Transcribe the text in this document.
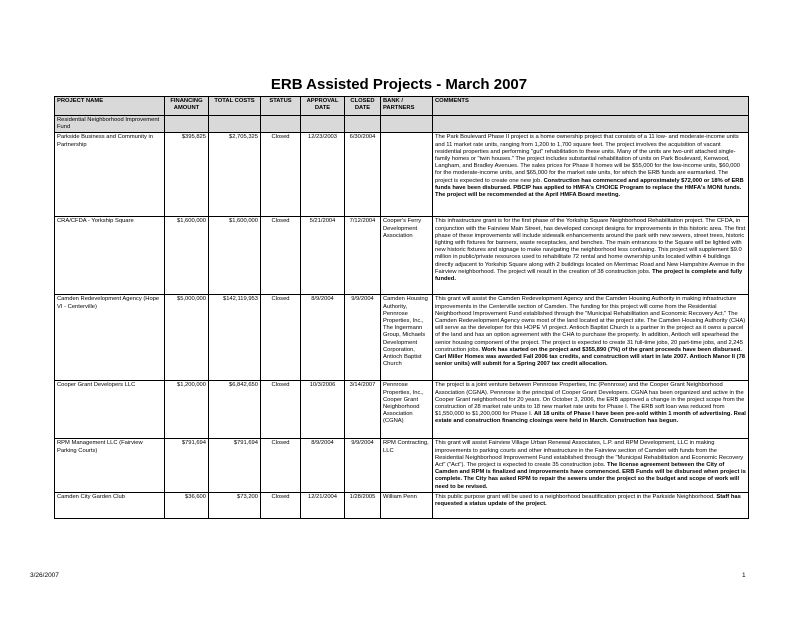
ERB Assisted Projects - March 2007
PROJECT NAME	FINANCING AMOUNT	TOTAL COSTS	STATUS	APPROVAL DATE	CLOSED DATE	BANK / PARTNERS	COMMENTS
Residential Neighborhood Improvement Fund							
Parkside Business and Community in Partnership	$395,825	$2,705,325	Closed	12/23/2003	6/30/2004		The Park Boulevard Phase II project is a home ownership project that consists of a 11 low- and moderate-income units and 11 market rate units, ranging from 1,200 to 1,700 square feet. The project involves the acquisition of vacant residential properties and performing "gut" rehabilitation to these units. Many of the units are two-unit attached single-family homes or "twin houses." The project includes substantial rehabilitation of units on Park Boulevard, Kenwood, Langham, and Bradley Avenues. The sales prices for Phase II homes will be $55,000 for the low-income units, $60,000 for the moderate-income units, and $65,000 for the market rate units, for which the ERB funds are earmarked. The project is expected to create one new job. Construction has commenced and approximately $72,000 or 18% of ERB funds have been disbursed. PBCIP has applied to HMFA's CHOICE Program to replace the HMFA's MONI funds. The project will be recommended at the April HMFA Board meeting.
CRA/CFDA - Yorkship Square	$1,600,000	$1,600,000	Closed	5/21/2004	7/12/2004	Cooper's Ferry Development Association	This infrastructure grant is for the first phase of the Yorkship Square Neighborhood Rehabilitation project. The CFDA, in conjunction with the Fairview Main Street, has developed concept designs for improvements in this historic area. The first phase of these improvements will include sidewalk enhancements around the park with new sewers, street trees, historic lighting with fixtures for banners, waste receptacles, and benches. The main entrances to the Square will be lighted with new historic fixtures and signage to make navigating the neighborhood less confusing. This project will supplement $9.0 million in public/private resources used to rehabilitate 72 rental and home ownership units located within 4 buildings directly adjacent to Yorkship Square along with 2 buildings located on Merrimac Road and New Hampshire Avenue in the Fairview neighborhood. The project will result in the creation of 38 construction jobs. The project is complete and fully funded.
Camden Redevelopment Agency (Hope VI - Centerville)	$5,000,000	$142,119,953	Closed	8/9/2004	9/9/2004	Camden Housing Authority, Pennrose Properties, Inc., The Ingermann Group, Michaels Development Corporation, Antioch Baptist Church	This grant will assist the Camden Redevelopment Agency and the Camden Housing Authority in making infrastructure improvements in the Centerville section of Camden. The funding for this project will come from the Residential Neighborhood Improvement Fund established through the "Municipal Rehabilitation and Economic Recovery Act." The Camden Redevelopment Agency owns most of the land located at the project site. The Camden Housing Authority (CHA) will serve as the developer for this HOPE VI project. Antioch Baptist Church is a partner in the project as it owns a parcel of the land and has an option agreement with the CHA to purchase the property. In addition, Antioch will spearhead the senior housing component of the project. The project is expected to create 31 full-time jobs, 20 part-time jobs, and 2,245 construction jobs. Work has started on the project and $355,890 (7%) of the grant proceeds have been disbursed. Carl Miller Homes was awarded Fall 2006 tax credits, and construction will start in late 2007. Antioch Manor II (78 senior units) will submit for a Spring 2007 tax credit allocation.
Cooper Grant Developers LLC	$1,200,000	$6,842,650	Closed	10/3/2006	3/14/2007	Pennrose Properties, Inc., Cooper Grant Neighborhood Association (CGNA)	The project is a joint venture between Pennrose Properties, Inc (Pennrose) and the Cooper Grant Neighborhood Association (CGNA). Pennrose is the principal of Cooper Grant Developers. CGNA has been organized and active in the Cooper Grant neighborhood for 20 years. On October 3, 2006, the ERB approved a change in the project scope from the construction of 28 market rate units to 18 new market rate units for Phase I. The ERB soft loan was reduced from $1,550,000 to $1,200,000 for Phase I. All 18 units of Phase I have been pre-sold within 1 month of advertising. Real estate and construction financing closings were held in March. Construction has begun.
RPM Management LLC (Fairview Parking Courts)	$791,694	$791,694	Closed	8/9/2004	9/9/2004	RPM Contracting, LLC	This grant will assist Fairview Village Urban Renewal Associates, L.P. and RPM Development, LLC in making improvements to parking courts and other infrastructure in the Fairview section of Camden with funds from the Residential Neighborhood Improvement Fund established through the "Municipal Rehabilitation and Economic Recovery Act" ("Act"). The project is expected to create 35 construction jobs. The license agreement between the City of Camden and RPM is finalized and improvements have commenced. ERB Funds will be disbursed when project is complete. The City has asked RPM to repair the sewers under the project so the budget and scope of work will need to be revised.
Camden City Garden Club	$36,600	$73,200	Closed	12/21/2004	1/28/2005	William Penn	This public purpose grant will be used to a neighborhood beautification project in the Parkside Neighborhood. Staff has requested a status update of the project.
3/26/2007	1
